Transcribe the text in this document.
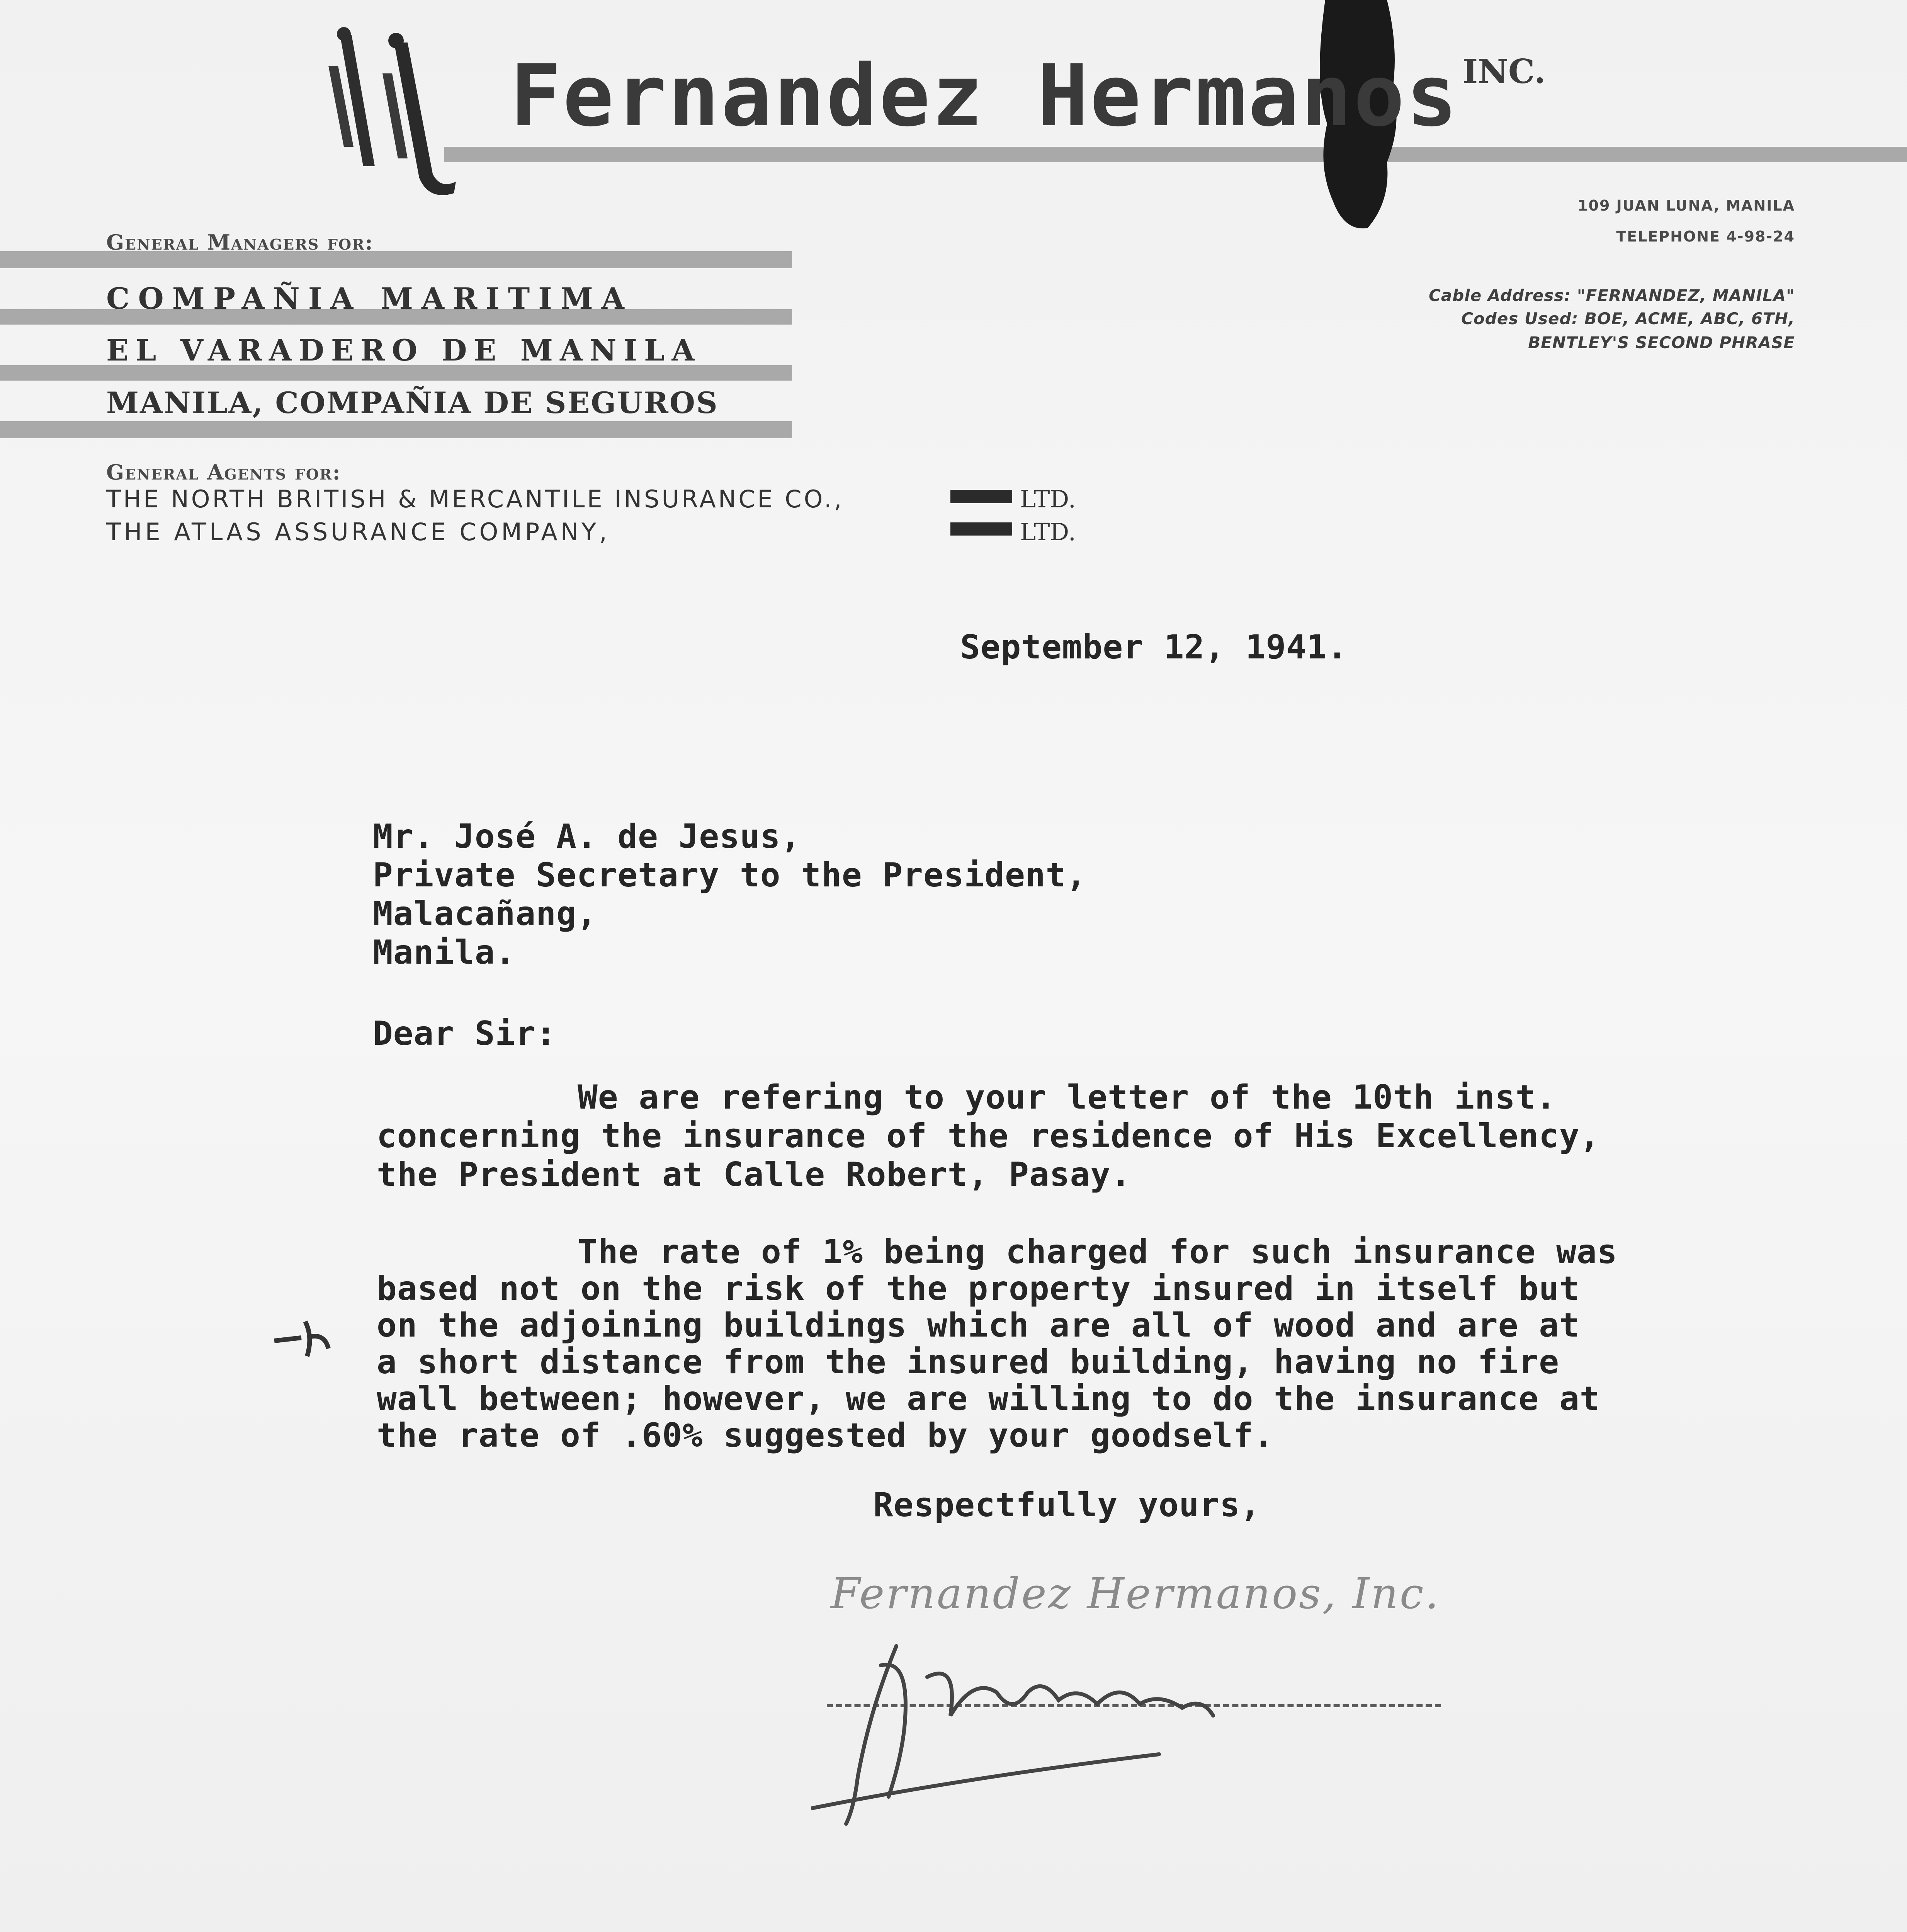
Fernandez Hermanos INC.
General Managers for:
COMPAÑIA MARITIMA
EL VARADERO DE MANILA
MANILA, COMPAÑIA DE SEGUROS
General Agents for:
THE NORTH BRITISH & MERCANTILE INSURANCE CO.,
THE ATLAS ASSURANCE COMPANY,
LTD.
LTD.
109 JUAN LUNA, MANILA
TELEPHONE 4-98-24
Cable Address: "FERNANDEZ, MANILA"
Codes Used: BOE, ACME, ABC, 6TH,
BENTLEY'S SECOND PHRASE
September 12, 1941.
Mr. José A. de Jesus,
Private Secretary to the President,
Malacañang,
Manila.
Dear Sir:
We are refering to your letter of the 10th inst.
concerning the insurance of the residence of His Excellency,
the President at Calle Robert, Pasay.
The rate of 1% being charged for such insurance was
based not on the risk of the property insured in itself but
on the adjoining buildings which are all of wood and are at
a short distance from the insured building, having no fire
wall between; however, we are willing to do the insurance at
the rate of .60% suggested by your goodself.
Respectfully yours,
Fernandez Hermanos, Inc.
